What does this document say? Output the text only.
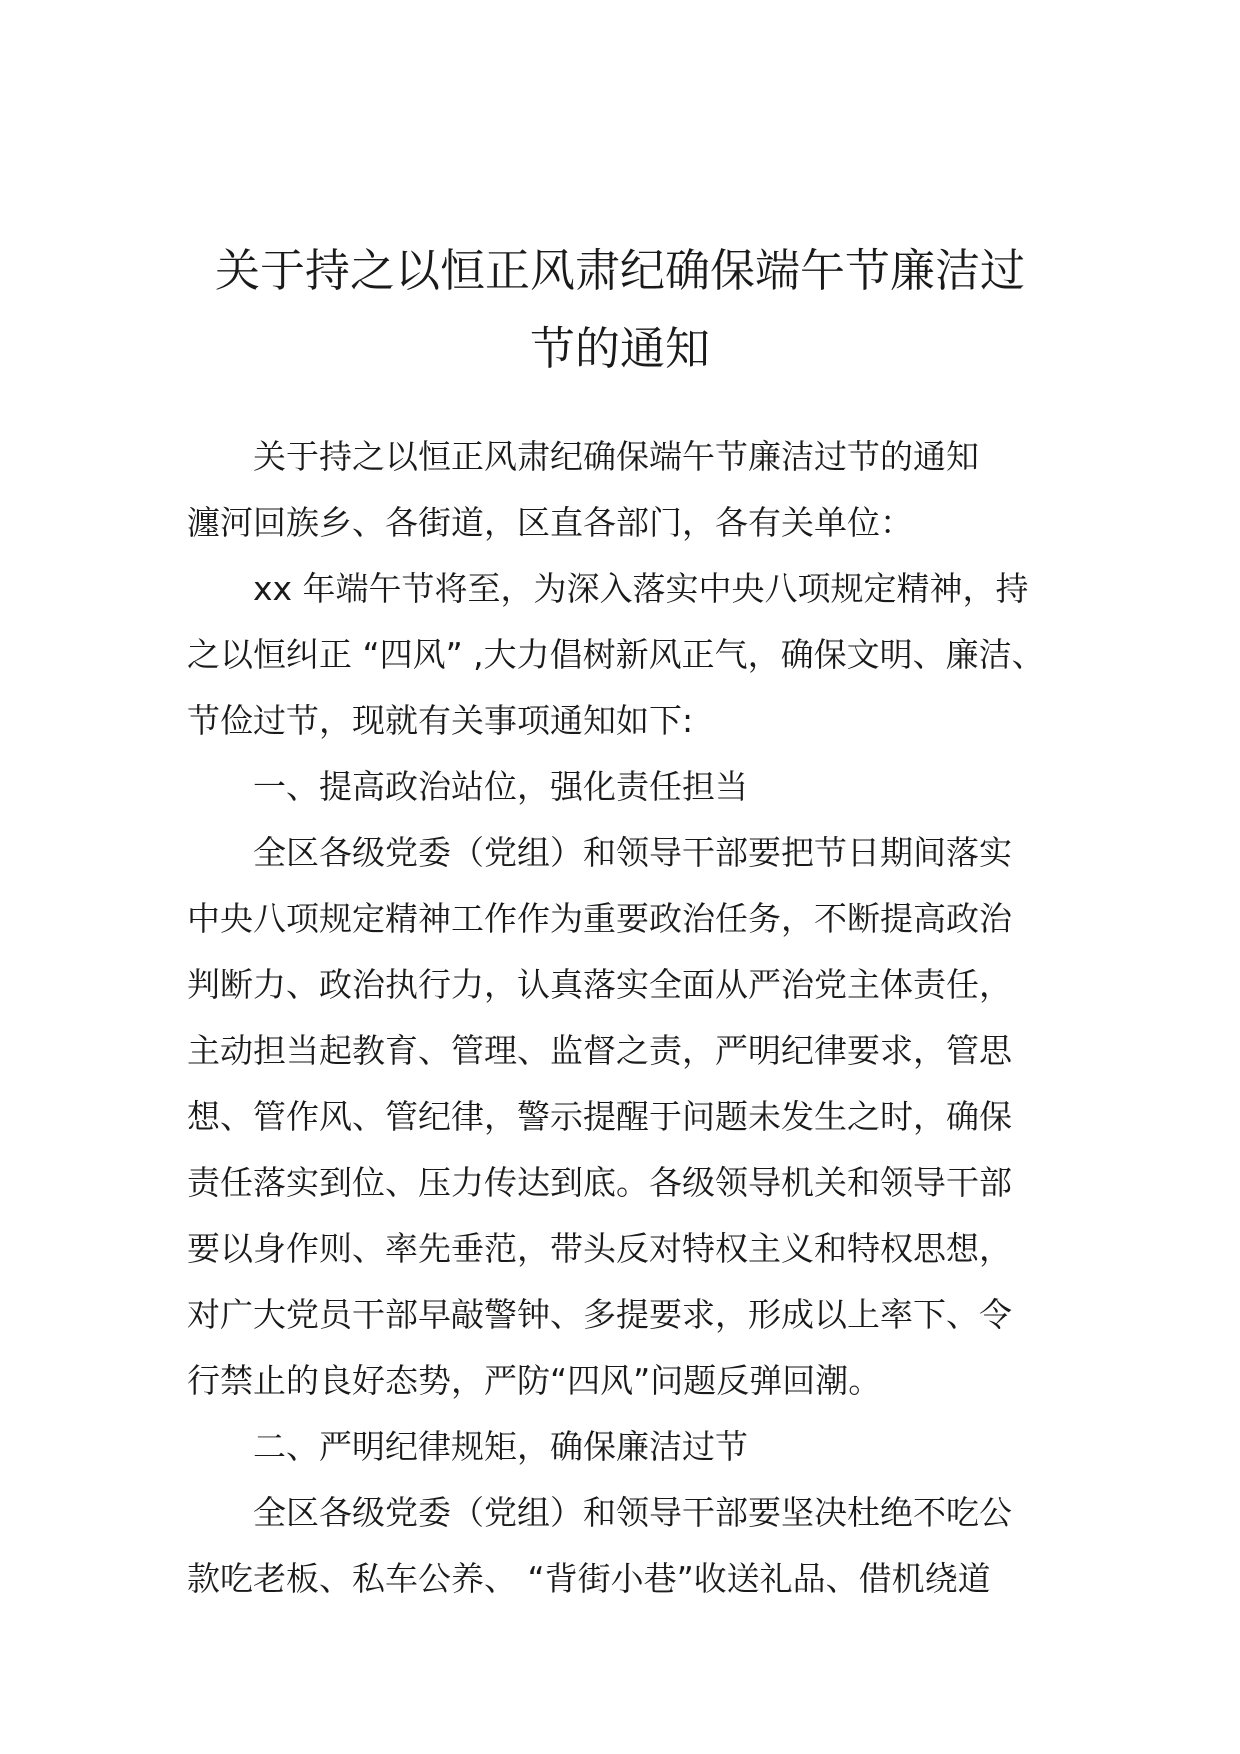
关于持之以恒正风肃纪确保端午节廉洁过
节的通知

关于持之以恒正风肃纪确保端午节廉洁过节的通知

瀍河回族乡、各街道，区直各部门，各有关单位：

xx 年端午节将至，为深入落实中央八项规定精神，持

之以恒纠正 “四风” ,大力倡树新风正气，确保文明、廉洁、

节俭过节，现就有关事项通知如下:

一、提高政治站位，强化责任担当

全区各级党委（党组）和领导干部要把节日期间落实

中央八项规定精神工作作为重要政治任务，不断提高政治

判断力、政治执行力，认真落实全面从严治党主体责任，

主动担当起教育、管理、监督之责，严明纪律要求，管思

想、管作风、管纪律，警示提醒于问题未发生之时，确保

责任落实到位、压力传达到底。各级领导机关和领导干部

要以身作则、率先垂范，带头反对特权主义和特权思想，

对广大党员干部早敲警钟、多提要求，形成以上率下、令

行禁止的良好态势，严防“四风”问题反弹回潮。

二、严明纪律规矩，确保廉洁过节

全区各级党委（党组）和领导干部要坚决杜绝不吃公

款吃老板、私车公养、 “背街小巷”收送礼品、借机绕道
